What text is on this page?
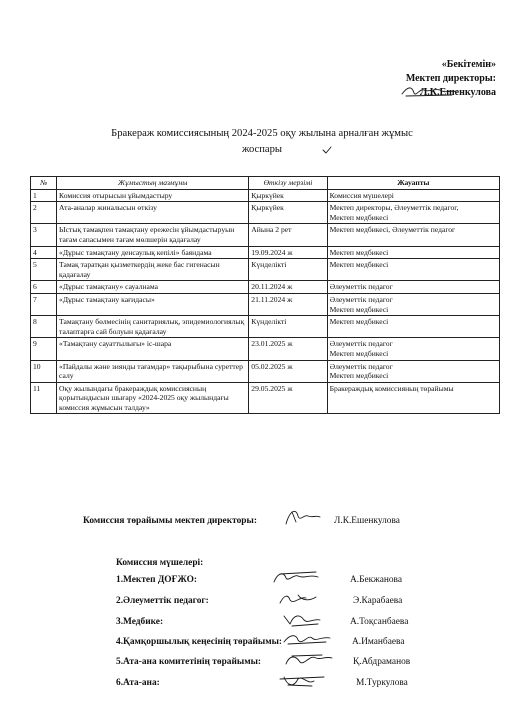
«Бекітемін»
Мектеп директоры:
Л.К.Ешенкулова
Бракераж комиссиясының 2024-2025 оқу жылына арналған жұмыс
жоспары
№	Жұмыстың мазмұны	Өткізу мерзімі	Жауапты
1	Комиссия отырысын ұйымдастыру	Қыркүйек	Комиссия мүшелері

2	Ата-аналар жиналысын өткізу	Қыркүйек	Мектеп директоры, Әлеуметтік педагог,
Мектеп медбикесі

3	Ыстық тамақпен тамақтану ережесін ұйымдастыруын тағам сапасымен тағам мөлшерін қадағалау	Айына 2 рет	Мектеп медбикесі, Әлеуметтік педагог

4	«Дұрыс тамақтану денсаулық кепілі» баяндама	19.09.2024 ж	Мектеп медбикесі

5	Тамақ таратқан қызметкердің жеке бас гигенасын қадағалау	Күнделікті	Мектеп медбикесі

6	«Дұрыс тамақтану» сауалнама	20.11.2024 ж	Әлеуметтік педагог

7	«Дұрыс тамақтану кағидасы»	21.11.2024 ж	Әлеуметтік педагог
Мектеп медбикесі

8	Тамақтану бөлмесінің санитариялық, эпидемиологиялық талаптарға сай болуын қадағалау	Күнделікті	Мектеп медбикесі

9	«Тамақтану сауаттылығы» іс-шара	23.01.2025 ж	Әлеуметтік педагог
Мектеп медбикесі

10	«Пайдалы және зиянды тағамдар» тақырыбына суреттер салу	05.02.2025 ж	Әлеуметтік педагог
Мектеп медбикесі

11	Оқу жылындағы бракераждық комиссиясның қорытындысын шығару «2024-2025 оқу жылындағы комиссия жұмысын талдау»	29.05.2025 ж	Бракераждық комиссияның төрайымы
Комиссия төрайымы мектеп директоры:	Л.К.Ешенкулова
Комиссия мүшелері:
1.Мектеп ДОҒЖО:	А.Бекжанова
2.Әлеуметтік педагог:	Э.Карабаева
3.Медбике:	А.Тоқсанбаева
4.Қамқоршылық кеңесінің төрайымы:	А.Иманбаева
5.Ата-ана комитетінің төрайымы:	Қ.Абдраманов
6.Ата-ана:	М.Туркулова
